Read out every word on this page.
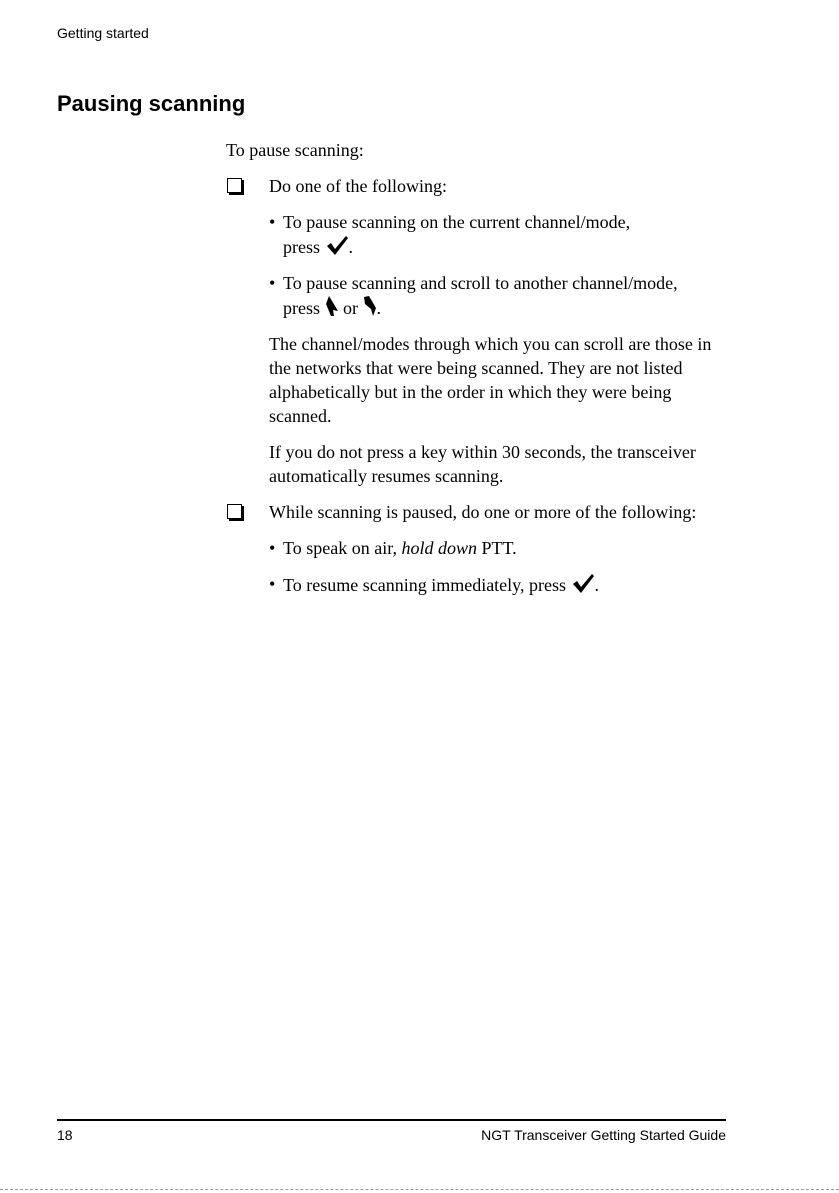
Getting started
Pausing scanning

To pause scanning:

Do one of the following:

• To pause scanning on the current channel/mode,
press .
• To pause scanning and scroll to another channel/mode,
press or .

The channel/modes through which you can scroll are those in the networks that were being scanned. They are not listed alphabetically but in the order in which they were being scanned.

If you do not press a key within 30 seconds, the transceiver automatically resumes scanning.

While scanning is paused, do one or more of the following:

• To speak on air, hold down PTT.
• To resume scanning immediately, press .
18	NGT Transceiver Getting Started Guide
